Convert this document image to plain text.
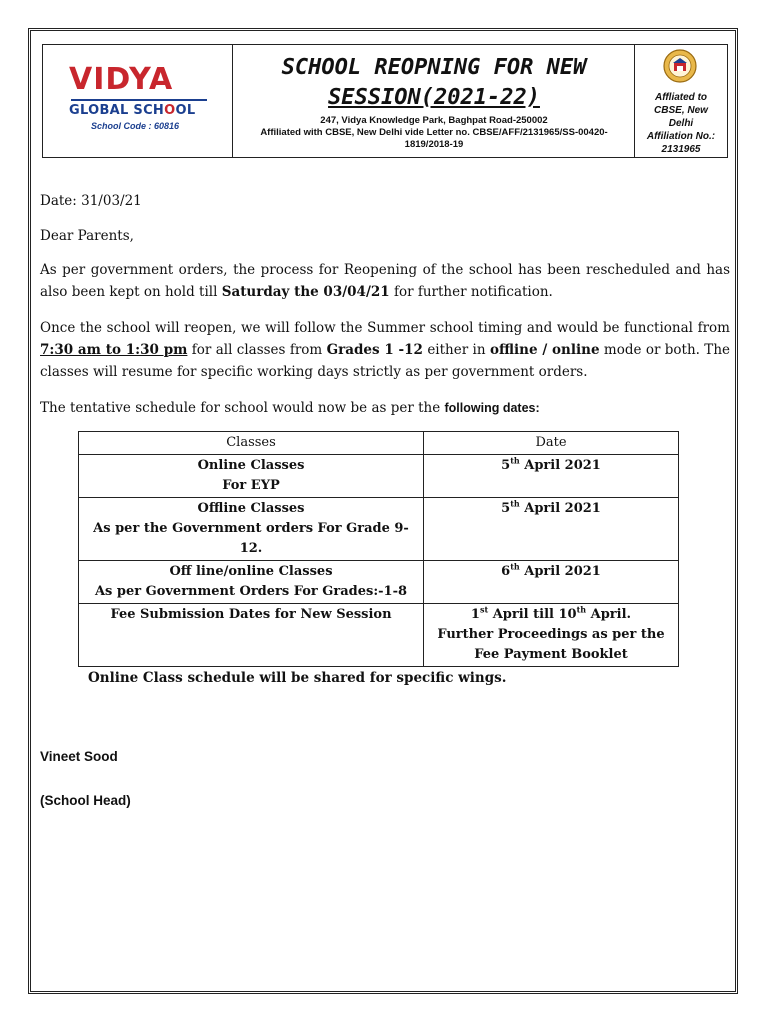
VIDYA
GLOBAL SCHOOL
School Code : 60816
SCHOOL REOPNING FOR NEW
SESSION(2021-22)
247, Vidya Knowledge Park, Baghpat Road-250002
Affiliated with CBSE, New Delhi vide Letter no. CBSE/AFF/2131965/SS-00420-1819/2018-19
Affliated to
CBSE, New
Delhi
Affiliation No.:
2131965
Date: 31/03/21
Dear Parents,
As per government orders, the process for Reopening of the school has been rescheduled and has also been kept on hold till Saturday the 03/04/21 for further notification.
Once the school will reopen, we will follow the Summer school timing and would be functional from 7:30 am to 1:30 pm for all classes from Grades 1 -12 either in offline / online mode or both. The classes will resume for specific working days strictly as per government orders.
The tentative schedule for school would now be as per the following dates:
Classes	Date

Online Classes
For EYP	5th April 2021

Offline Classes
As per the Government orders For Grade 9- 12.	5th April 2021

Off line/online Classes
As per Government Orders For Grades:-1-8	6th April 2021

Fee Submission Dates for New Session	1st April till 10th April.
Further Proceedings as per the
Fee Payment Booklet
Online Class schedule will be shared for specific wings.
Vineet Sood
(School Head)
